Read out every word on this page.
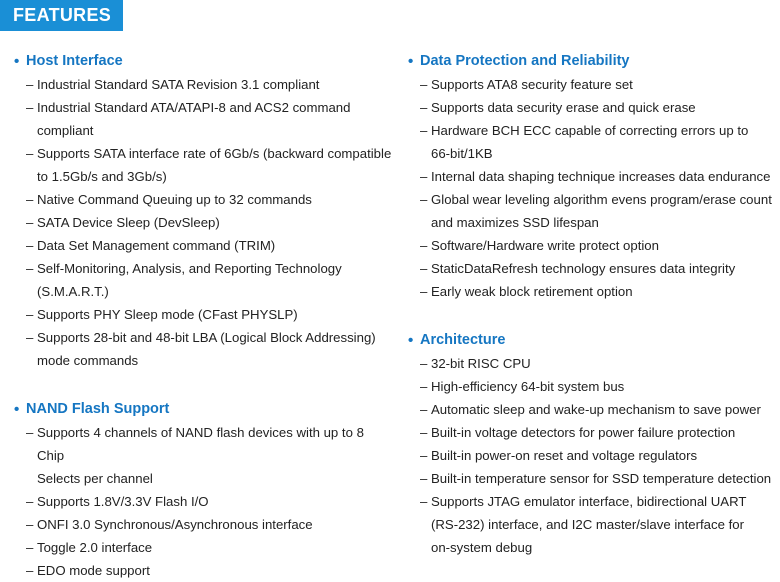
FEATURES
• Host Interface
– Industrial Standard SATA Revision 3.1 compliant
– Industrial Standard ATA/ATAPI-8 and ACS2 command
compliant
– Supports SATA interface rate of 6Gb/s (backward compatible
to 1.5Gb/s and 3Gb/s)
– Native Command Queuing up to 32 commands
– SATA Device Sleep (DevSleep)
– Data Set Management command (TRIM)
– Self-Monitoring, Analysis, and Reporting Technology
(S.M.A.R.T.)
– Supports PHY Sleep mode (CFast PHYSLP)
– Supports 28-bit and 48-bit LBA (Logical Block Addressing)
mode commands
• NAND Flash Support
– Supports 4 channels of NAND flash devices with up to 8 Chip
Selects per channel
– Supports 1.8V/3.3V Flash I/O
– ONFI 3.0 Synchronous/Asynchronous interface
– Toggle 2.0 interface
– EDO mode support
• Data Protection and Reliability
– Supports ATA8 security feature set
– Supports data security erase and quick erase
– Hardware BCH ECC capable of correcting errors up to
66-bit/1KB
– Internal data shaping technique increases data endurance
– Global wear leveling algorithm evens program/erase count
and maximizes SSD lifespan
– Software/Hardware write protect option
– StaticDataRefresh technology ensures data integrity
– Early weak block retirement option
• Architecture
– 32-bit RISC CPU
– High-efficiency 64-bit system bus
– Automatic sleep and wake-up mechanism to save power
– Built-in voltage detectors for power failure protection
– Built-in power-on reset and voltage regulators
– Built-in temperature sensor for SSD temperature detection
– Supports JTAG emulator interface, bidirectional UART
(RS-232) interface, and I2C master/slave interface for
on-system debug
